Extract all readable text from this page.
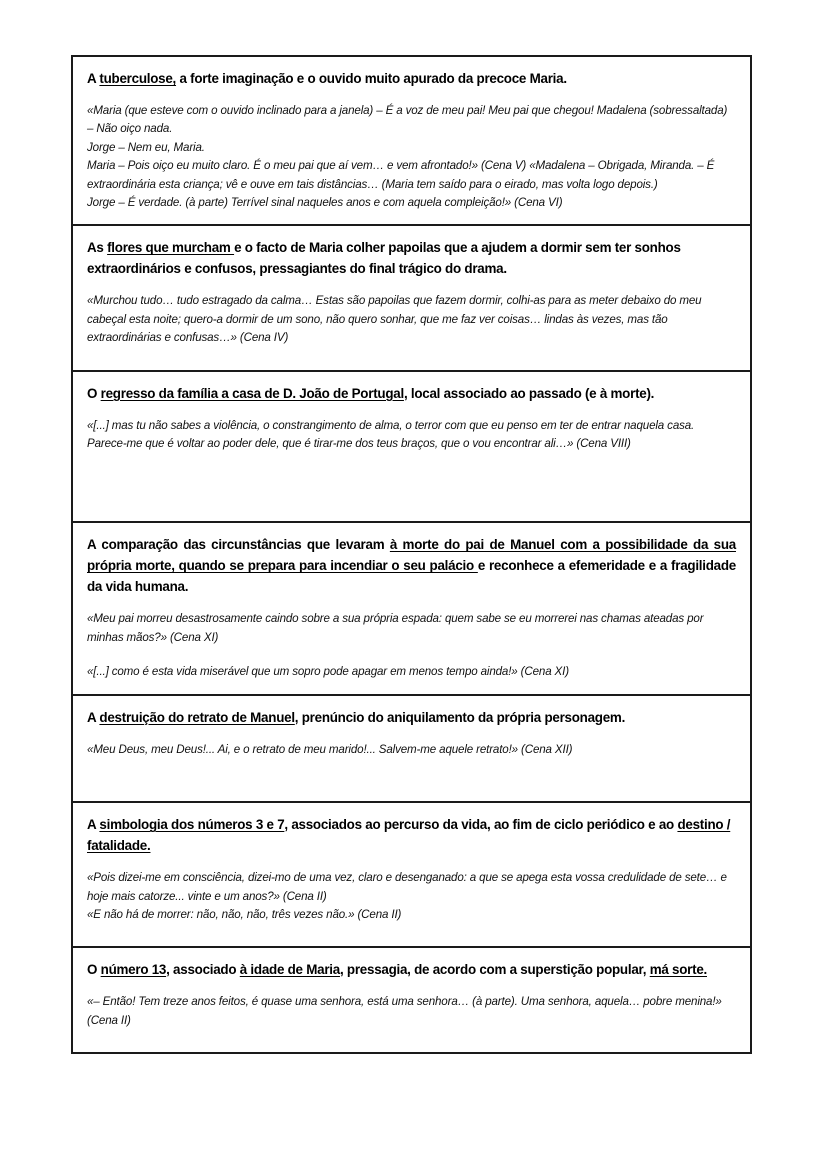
A tuberculose, a forte imaginação e o ouvido muito apurado da precoce Maria.

«Maria (que esteve com o ouvido inclinado para a janela) – É a voz de meu pai! Meu pai que chegou! Madalena (sobressaltada) – Não oiço nada.

Jorge – Nem eu, Maria.

Maria – Pois oiço eu muito claro. É o meu pai que aí vem… e vem afrontado!» (Cena V) «Madalena – Obrigada, Miranda. – É extraordinária esta criança; vê e ouve em tais distâncias… (Maria tem saído para o eirado, mas volta logo depois.)

Jorge – É verdade. (à parte) Terrível sinal naqueles anos e com aquela compleição!» (Cena VI)

As flores que murcham e o facto de Maria colher papoilas que a ajudem a dormir sem ter sonhos extraordinários e confusos, pressagiantes do final trágico do drama.

«Murchou tudo… tudo estragado da calma… Estas são papoilas que fazem dormir, colhi-as para as meter debaixo do meu cabeçal esta noite; quero-a dormir de um sono, não quero sonhar, que me faz ver coisas… lindas às vezes, mas tão extraordinárias e confusas…» (Cena IV)

O regresso da família a casa de D. João de Portugal, local associado ao passado (e à morte).

«[...] mas tu não sabes a violência, o constrangimento de alma, o terror com que eu penso em ter de entrar naquela casa. Parece-me que é voltar ao poder dele, que é tirar-me dos teus braços, que o vou encontrar ali…» (Cena VIII)

A comparação das circunstâncias que levaram à morte do pai de Manuel com a possibilidade da sua própria morte, quando se prepara para incendiar o seu palácio e reconhece a efemeridade e a fragilidade da vida humana.

«Meu pai morreu desastrosamente caindo sobre a sua própria espada: quem sabe se eu morrerei nas chamas ateadas por minhas mãos?» (Cena XI)

«[...] como é esta vida miserável que um sopro pode apagar em menos tempo ainda!» (Cena XI)

A destruição do retrato de Manuel, prenúncio do aniquilamento da própria personagem.

«Meu Deus, meu Deus!... Ai, e o retrato de meu marido!... Salvem-me aquele retrato!» (Cena XII)

A simbologia dos números 3 e 7, associados ao percurso da vida, ao fim de ciclo periódico e ao destino / fatalidade.

«Pois dizei-me em consciência, dizei-mo de uma vez, claro e desenganado: a que se apega esta vossa credulidade de sete… e hoje mais catorze... vinte e um anos?» (Cena II)

«E não há de morrer: não, não, não, três vezes não.» (Cena II)

O número 13, associado à idade de Maria, pressagia, de acordo com a superstição popular, má sorte.

«– Então! Tem treze anos feitos, é quase uma senhora, está uma senhora… (à parte). Uma senhora, aquela… pobre menina!» (Cena II)
